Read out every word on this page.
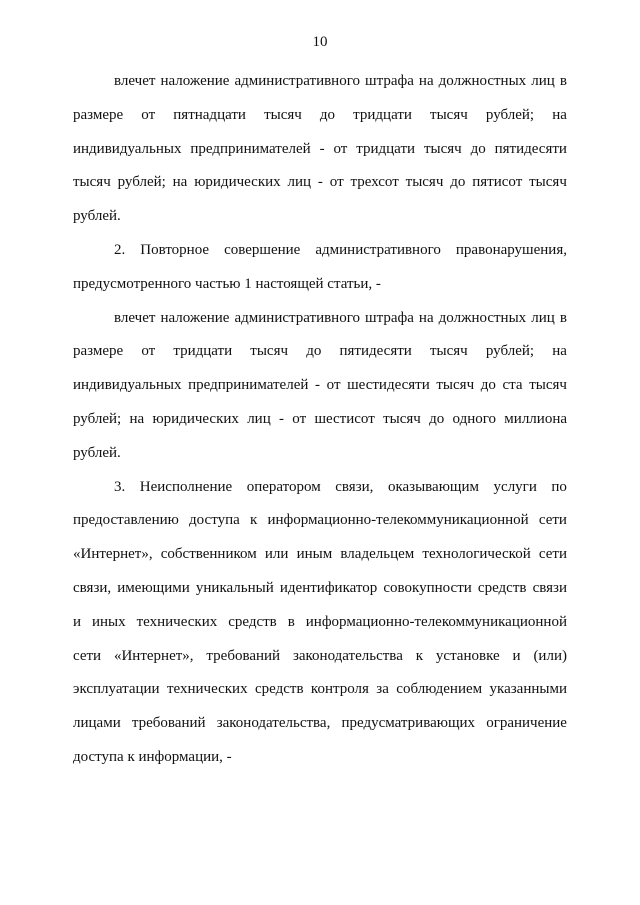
10
влечет наложение административного штрафа на должностных лиц в
размере от пятнадцати тысяч до тридцати тысяч рублей; на
индивидуальных предпринимателей - от тридцати тысяч до пятидесяти
тысяч рублей; на юридических лиц - от трехсот тысяч до пятисот тысяч
рублей.
2. Повторное совершение административного правонарушения,
предусмотренного частью 1 настоящей статьи, -
влечет наложение административного штрафа на должностных лиц в
размере от тридцати тысяч до пятидесяти тысяч рублей; на
индивидуальных предпринимателей - от шестидесяти тысяч до ста тысяч
рублей; на юридических лиц - от шестисот тысяч до одного миллиона
рублей.
3. Неисполнение оператором связи, оказывающим услуги по
предоставлению доступа к информационно-телекоммуникационной сети
«Интернет», собственником или иным владельцем технологической сети
связи, имеющими уникальный идентификатор совокупности средств связи
и иных технических средств в информационно-телекоммуникационной
сети «Интернет», требований законодательства к установке и (или)
эксплуатации технических средств контроля за соблюдением указанными
лицами требований законодательства, предусматривающих ограничение
доступа к информации, -
